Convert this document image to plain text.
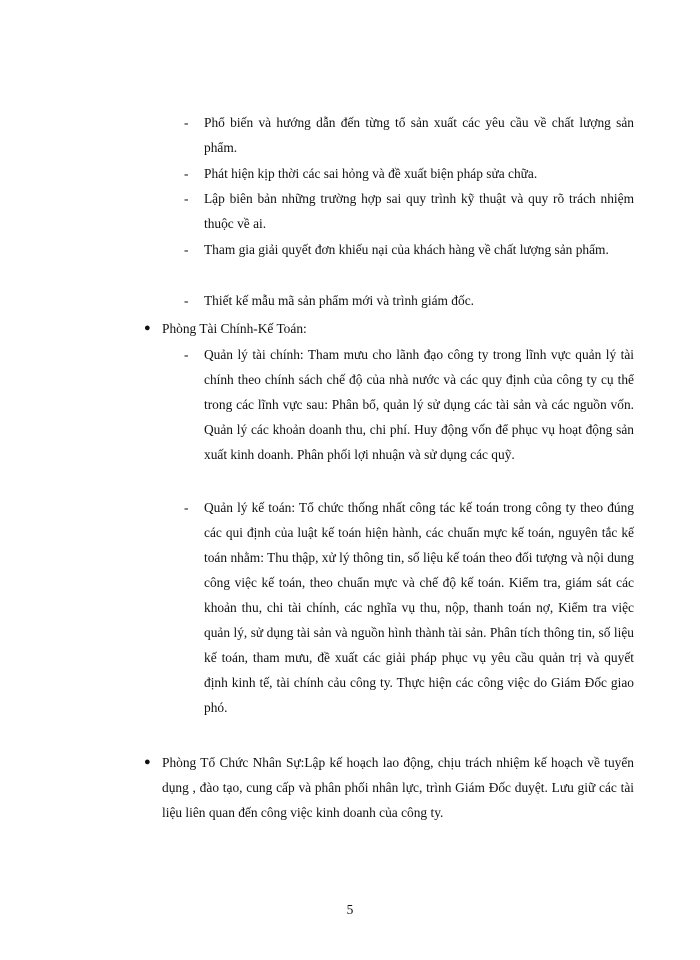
- Phổ biến và hướng dẫn đến từng tổ sản xuất các yêu cầu về chất lượng sản phẩm.
- Phát hiện kịp thời các sai hỏng và đề xuất biện pháp sửa chữa.
- Lập biên bản những trường hợp sai quy trình kỹ thuật và quy rõ trách nhiệm thuộc về ai.
- Tham gia giải quyết đơn khiếu nại của khách hàng về chất lượng sản phẩm.
- Thiết kế mẫu mã sản phẩm mới và trình giám đốc.
● Phòng Tài Chính-Kế Toán:
- Quản lý tài chính: Tham mưu cho lãnh đạo công ty trong lĩnh vực quản lý tài chính theo chính sách chế độ của nhà nước và các quy định của công ty cụ thể trong các lĩnh vực sau: Phân bổ, quản lý sử dụng các tài sản và các nguồn vốn. Quản lý các khoản doanh thu, chi phí. Huy động vốn để phục vụ hoạt động sản xuất kinh doanh. Phân phối lợi nhuận và sử dụng các quỹ.
- Quản lý kế toán: Tổ chức thống nhất công tác kế toán trong công ty theo đúng các qui định của luật kế toán hiện hành, các chuẩn mực kế toán, nguyên tắc kế toán nhằm: Thu thập, xử lý thông tin, số liệu kế toán theo đối tượng và nội dung công việc kế toán, theo chuẩn mực và chế độ kế toán. Kiểm tra, giám sát các khoản thu, chi tài chính, các nghĩa vụ thu, nộp, thanh toán nợ, Kiểm tra việc quản lý, sử dụng tài sản và nguồn hình thành tài sản. Phân tích thông tin, số liệu kế toán, tham mưu, đề xuất các giải pháp phục vụ yêu cầu quản trị và quyết định kinh tế, tài chính cảu công ty. Thực hiện các công việc do Giám Đốc giao phó.
● Phòng Tổ Chức Nhân Sự:Lập kế hoạch lao động, chịu trách nhiệm kế hoạch về tuyển dụng , đào tạo, cung cấp và phân phối nhân lực, trình Giám Đốc duyệt. Lưu giữ các tài liệu liên quan đến công việc kinh doanh của công ty.
5
